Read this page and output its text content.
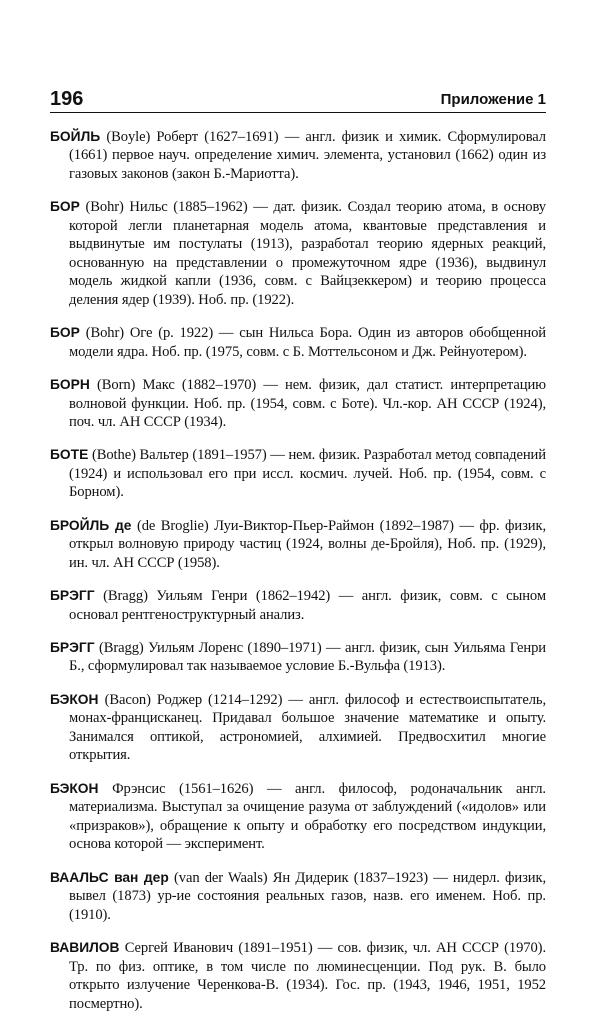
196	Приложение 1

БОЙЛЬ (Boyle) Роберт (1627–1691) — англ. физик и химик. Сформулировал (1661) первое науч. определение химич. элемента, установил (1662) один из газовых законов (закон Б.-Мариотта).

БОР (Bohr) Нильс (1885–1962) — дат. физик. Создал теорию атома, в основу которой легли планетарная модель атома, квантовые представления и выдвинутые им постулаты (1913), разработал теорию ядерных реакций, основанную на представлении о промежуточном ядре (1936), выдвинул модель жидкой капли (1936, совм. с Вайцзеккером) и теорию процесса деления ядер (1939). Ноб. пр. (1922).

БОР (Bohr) Оге (р. 1922) — сын Нильса Бора. Один из авторов обобщенной модели ядра. Ноб. пр. (1975, совм. с Б. Моттельсоном и Дж. Рейнуотером).

БОРН (Born) Макс (1882–1970) — нем. физик, дал статист. интерпретацию волновой функции. Ноб. пр. (1954, совм. с Боте). Чл.-кор. АН СССР (1924), поч. чл. АН СССР (1934).

БОТЕ (Bothe) Вальтер (1891–1957) — нем. физик. Разработал метод совпадений (1924) и использовал его при иссл. космич. лучей. Ноб. пр. (1954, совм. с Борном).

БРОЙЛЬ де (de Broglie) Луи-Виктор-Пьер-Раймон (1892–1987) — фр. физик, открыл волновую природу частиц (1924, волны де-Бройля), Ноб. пр. (1929), ин. чл. АН СССР (1958).

БРЭГГ (Bragg) Уильям Генри (1862–1942) — англ. физик, совм. с сыном основал рентгеноструктурный анализ.

БРЭГГ (Bragg) Уильям Лоренс (1890–1971) — англ. физик, сын Уильяма Генри Б., сформулировал так называемое условие Б.-Вульфа (1913).

БЭКОН (Bacon) Роджер (1214–1292) — англ. философ и естествоиспытатель, монах-францисканец. Придавал большое значение математике и опыту. Занимался оптикой, астрономией, алхимией. Предвосхитил многие открытия.

БЭКОН Фрэнсис (1561–1626) — англ. философ, родоначальник англ. материализма. Выступал за очищение разума от заблуждений («идолов» или «призраков»), обращение к опыту и обработку его посредством индукции, основа которой — эксперимент.

ВААЛЬС ван дер (van der Waals) Ян Дидерик (1837–1923) — нидерл. физик, вывел (1873) ур-ие состояния реальных газов, назв. его именем. Ноб. пр. (1910).

ВАВИЛОВ Сергей Иванович (1891–1951) — сов. физик, чл. АН СССР (1970). Тр. по физ. оптике, в том числе по люминесценции. Под рук. В. было открыто излучение Черенкова-В. (1934). Гос. пр. (1943, 1946, 1951, 1952 посмертно).
